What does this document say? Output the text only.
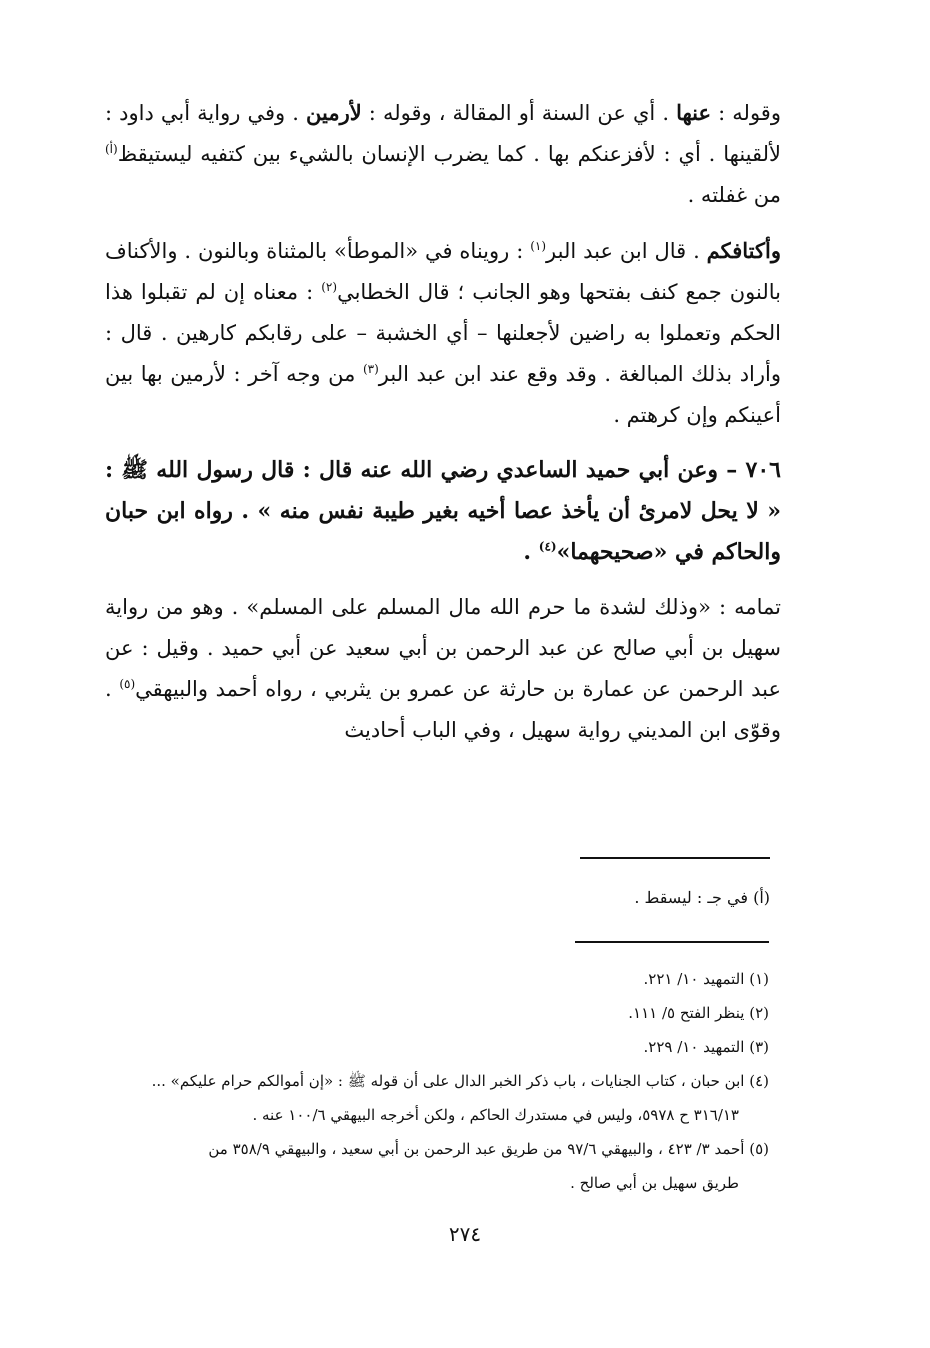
وقوله : عنها . أي عن السنة أو المقالة ، وقوله : لأرمين . وفي رواية أبي داود : لألقينها . أي : لأفزعنكم بها . كما يضرب الإنسان بالشيء بين كتفيه ليستيقظ$^{(أ)}$ من غفلته .

وأكتافكم . قال ابن عبد البر$^{(١)}$ : رويناه في «الموطأ» بالمثناة وبالنون . والأكناف بالنون جمع كنف بفتحها وهو الجانب ؛ قال الخطابي$^{(٢)}$ : معناه إن لم تقبلوا هذا الحكم وتعملوا به راضين لأجعلنها – أي الخشبة – على رقابكم كارهين . قال : وأراد بذلك المبالغة . وقد وقع عند ابن عبد البر$^{(٣)}$ من وجه آخر : لأرمين بها بين أعينكم وإن كرهتم .

٧٠٦ – وعن أبي حميد الساعدي رضي الله عنه قال : قال رسول الله ﷺ : « لا يحل لامرئ أن يأخذ عصا أخيه بغير طيبة نفس منه » . رواه ابن حبان والحاكم في «صحيحهما»$^{(٤)}$ .

تمامه : «وذلك لشدة ما حرم الله مال المسلم على المسلم» . وهو من رواية سهيل بن أبي صالح عن عبد الرحمن بن أبي سعيد عن أبي حميد . وقيل : عن عبد الرحمن عن عمارة بن حارثة عن عمرو بن يثربي ، رواه أحمد والبيهقي$^{(٥)}$ . وقوّى ابن المديني رواية سهيل ، وفي الباب أحاديث

(أ) في جـ : ليسقط .

(١) التمهيد ١٠/ ٢٢١.

(٢) ينظر الفتح ٥/ ١١١.

(٣) التمهيد ١٠/ ٢٢٩.

(٤) ابن حبان ، كتاب الجنايات ، باب ذكر الخبر الدال على أن قوله ﷺ : «إن أموالكم حرام عليكم» ...
٣١٦/١٣ ح ٥٩٧٨، وليس في مستدرك الحاكم ، ولكن أخرجه البيهقي ١٠٠/٦ عنه .

(٥) أحمد ٣/ ٤٢٣ ، والبيهقي ٩٧/٦ من طريق عبد الرحمن بن أبي سعيد ، والبيهقي ٣٥٨/٩ من
طريق سهيل بن أبي صالح .

٢٧٤
